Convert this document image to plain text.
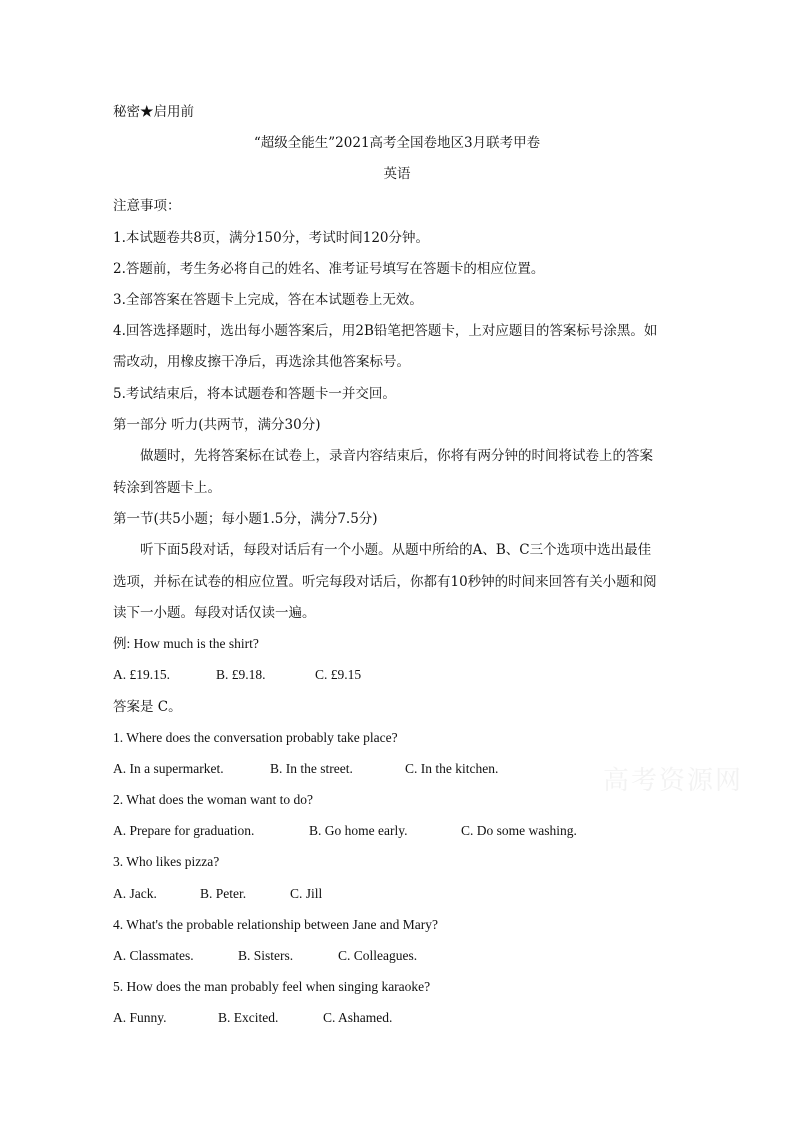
秘密★启用前
“超级全能生”2021高考全国卷地区3月联考甲卷
英语
注意事项：
1.本试题卷共8页，满分150分，考试时间120分钟。
2.答题前，考生务必将自己的姓名、准考证号填写在答题卡的相应位置。
3.全部答案在答题卡上完成，答在本试题卷上无效。
4.回答选择题时，选出每小题答案后，用2B铅笔把答题卡，上对应题目的答案标号涂黑。如
需改动，用橡皮擦干净后，再选涂其他答案标号。
5.考试结束后，将本试题卷和答题卡一并交回。
第一部分 听力(共两节，满分30分)
做题时，先将答案标在试卷上，录音内容结束后，你将有两分钟的时间将试卷上的答案
转涂到答题卡上。
第一节(共5小题；每小题1.5分，满分7.5分)
听下面5段对话，每段对话后有一个小题。从题中所给的A、B、C三个选项中选出最佳
选项，并标在试卷的相应位置。听完每段对话后，你都有10秒钟的时间来回答有关小题和阅
读下一小题。每段对话仅读一遍。
例: How much is the shirt?
A. £19.15.	B. £9.18.	C. £9.15
答案是 C。
1. Where does the conversation probably take place?
A. In a supermarket.	B. In the street.	C. In the kitchen.
2. What does the woman want to do?
A. Prepare for graduation.	B. Go home early.	C. Do some washing.
3. Who likes pizza?
A. Jack.	B. Peter.	C. Jill
4. What's the probable relationship between Jane and Mary?
A. Classmates.	B. Sisters.	C. Colleagues.
5. How does the man probably feel when singing karaoke?
A. Funny.	B. Excited.	C. Ashamed.
高考资源网
